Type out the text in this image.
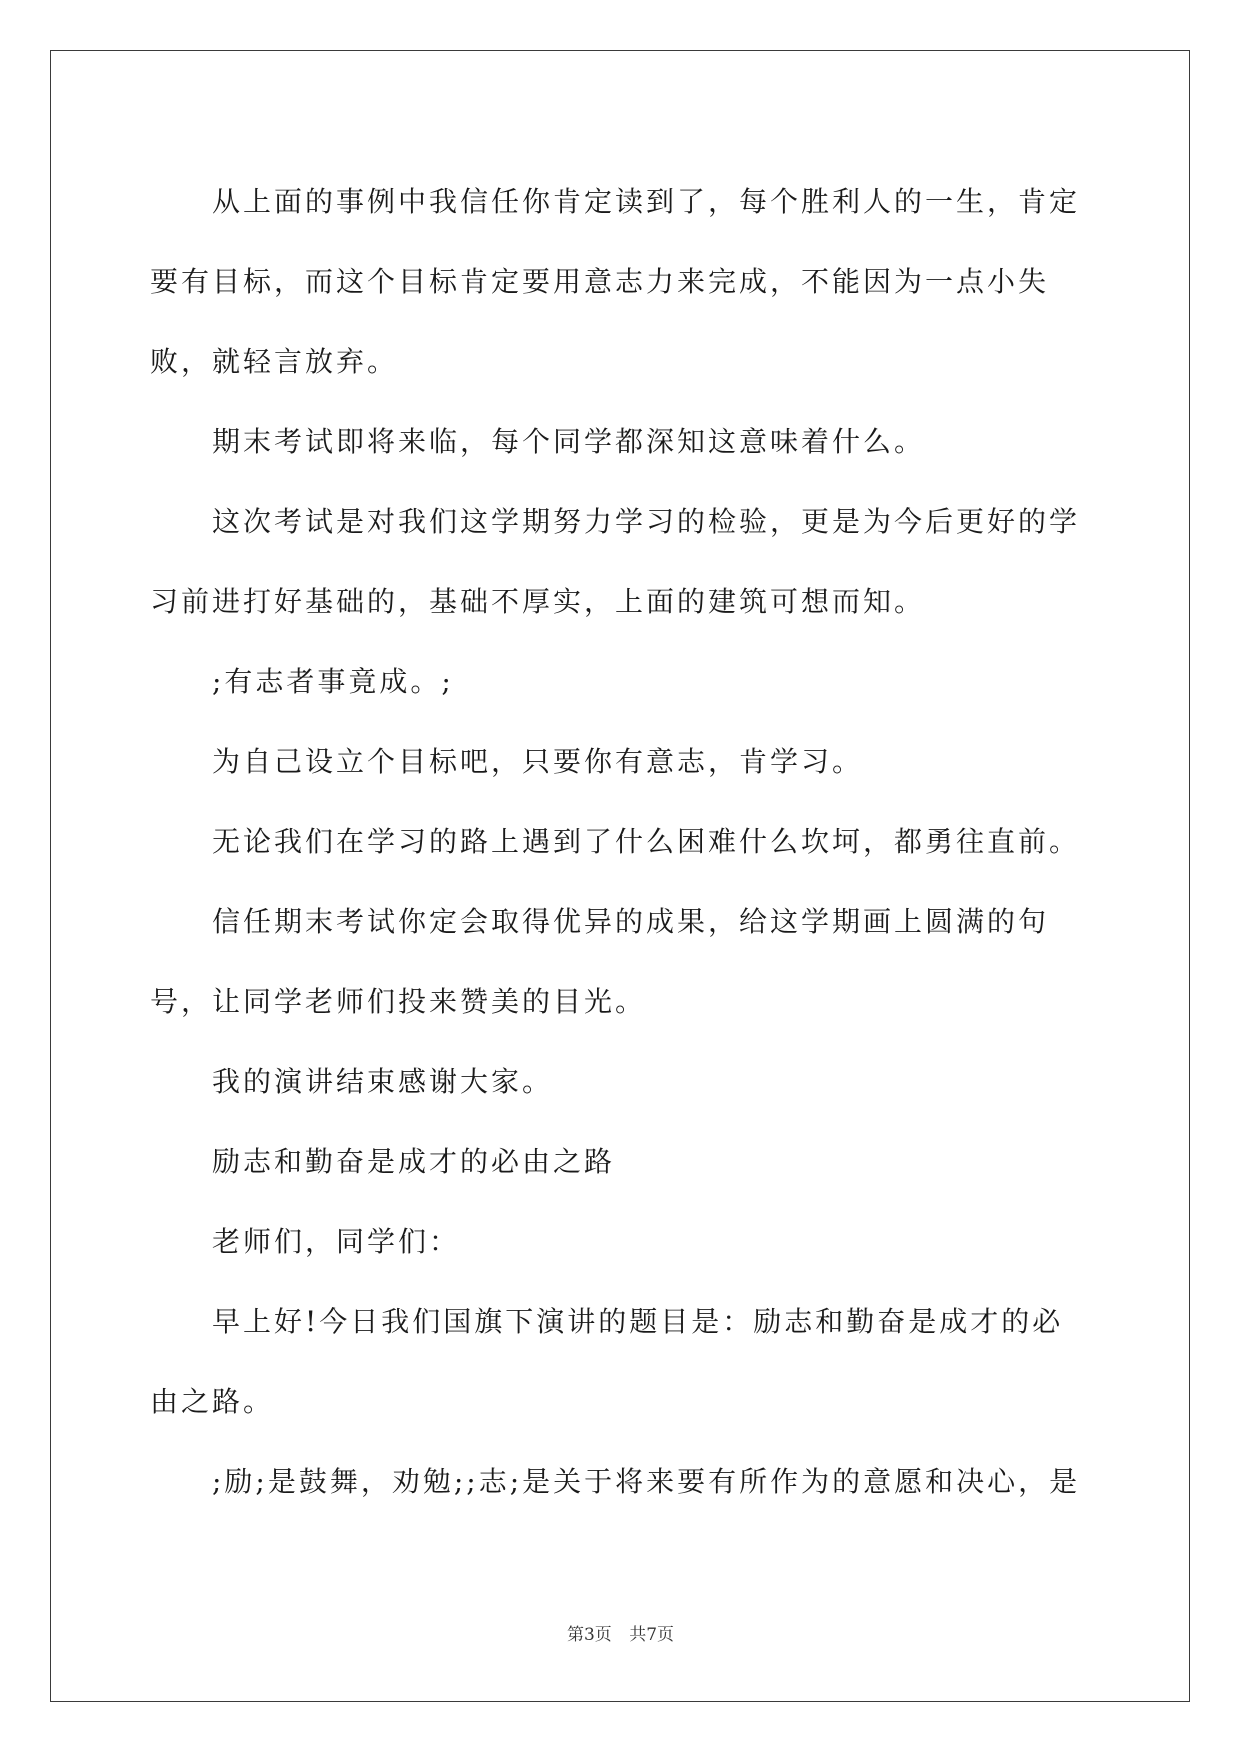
从上面的事例中我信任你肯定读到了，每个胜利人的一生，肯定要有目标，而这个目标肯定要用意志力来完成，不能因为一点小失败，就轻言放弃。

期末考试即将来临，每个同学都深知这意味着什么。

这次考试是对我们这学期努力学习的检验，更是为今后更好的学习前进打好基础的，基础不厚实，上面的建筑可想而知。

;有志者事竟成。;

为自己设立个目标吧，只要你有意志，肯学习。

无论我们在学习的路上遇到了什么困难什么坎坷，都勇往直前。

信任期末考试你定会取得优异的成果，给这学期画上圆满的句号，让同学老师们投来赞美的目光。

我的演讲结束感谢大家。

励志和勤奋是成才的必由之路

老师们，同学们：

早上好!今日我们国旗下演讲的题目是：励志和勤奋是成才的必由之路。

;励;是鼓舞，劝勉;;志;是关于将来要有所作为的意愿和决心，是

第3页 共7页
